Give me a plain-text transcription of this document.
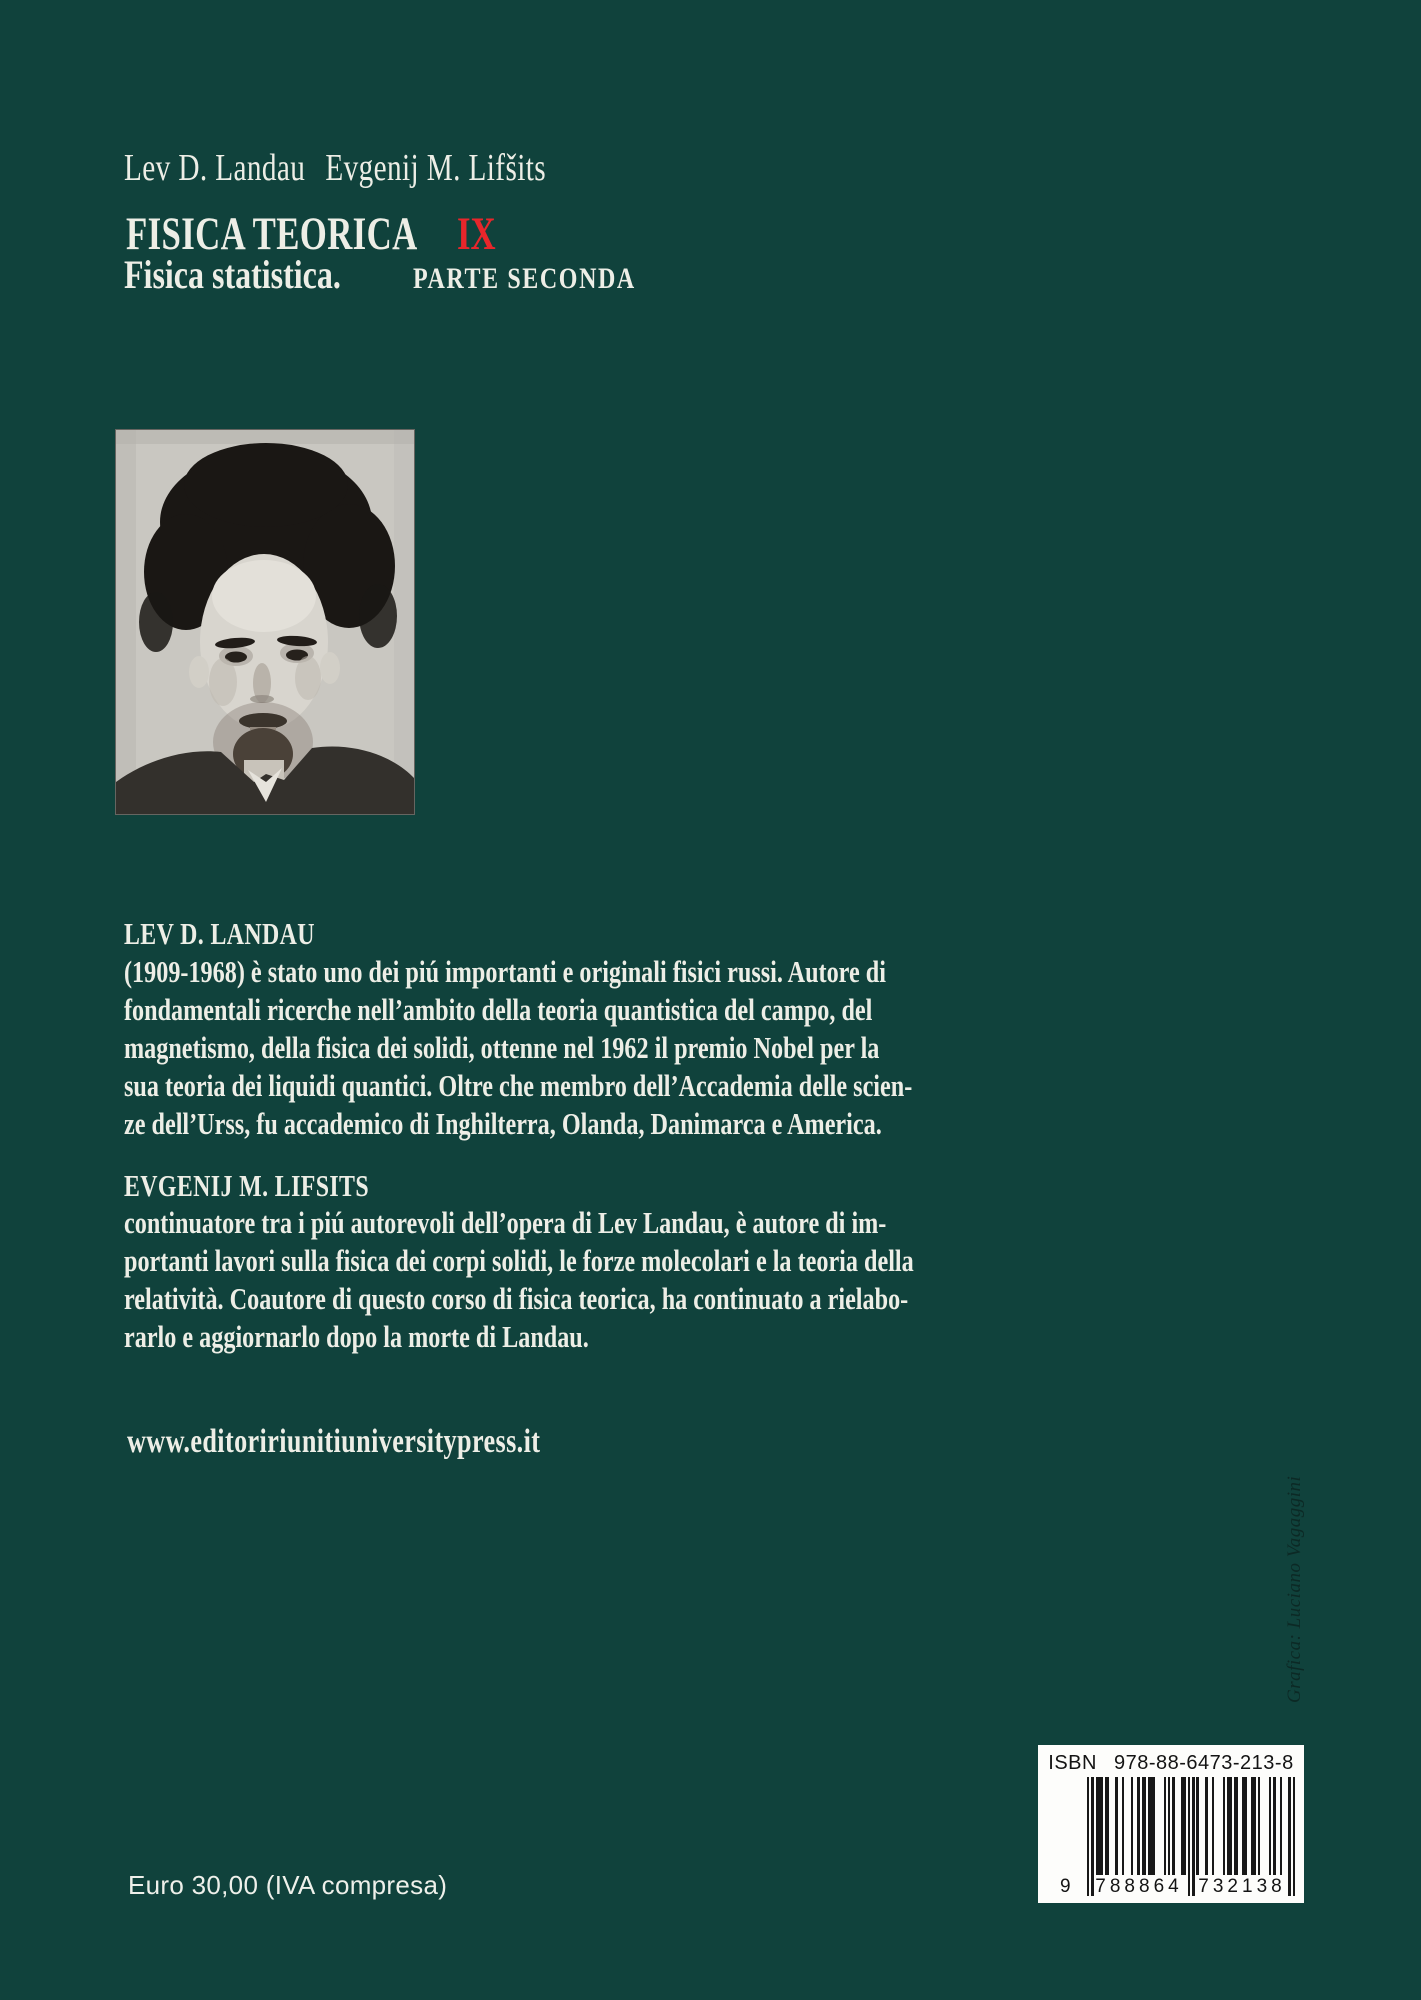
Lev D. Landau Evgenij M. Lifšits
FISICA TEORICA IX
Fisica statistica.	PARTE SECONDA
LEV D. LANDAU
(1909-1968) è stato uno dei piú importanti e originali fisici russi. Autore di
fondamentali ricerche nell’ambito della teoria quantistica del campo, del
magnetismo, della fisica dei solidi, ottenne nel 1962 il premio Nobel per la
sua teoria dei liquidi quantici. Oltre che membro dell’Accademia delle scien-
ze dell’Urss, fu accademico di Inghilterra, Olanda, Danimarca e America.
EVGENIJ M. LIFSITS
continuatore tra i piú autorevoli dell’opera di Lev Landau, è autore di im-
portanti lavori sulla fisica dei corpi solidi, le forze molecolari e la teoria della
relatività. Coautore di questo corso di fisica teorica, ha continuato a rielabo-
rarlo e aggiornarlo dopo la morte di Landau.
www.editoririunitiuniversitypress.it
Grafica: Luciano Vagaggini
ISBN 978-88-6473-213-8
9 788864 732138
Euro 30,00 (IVA compresa)
